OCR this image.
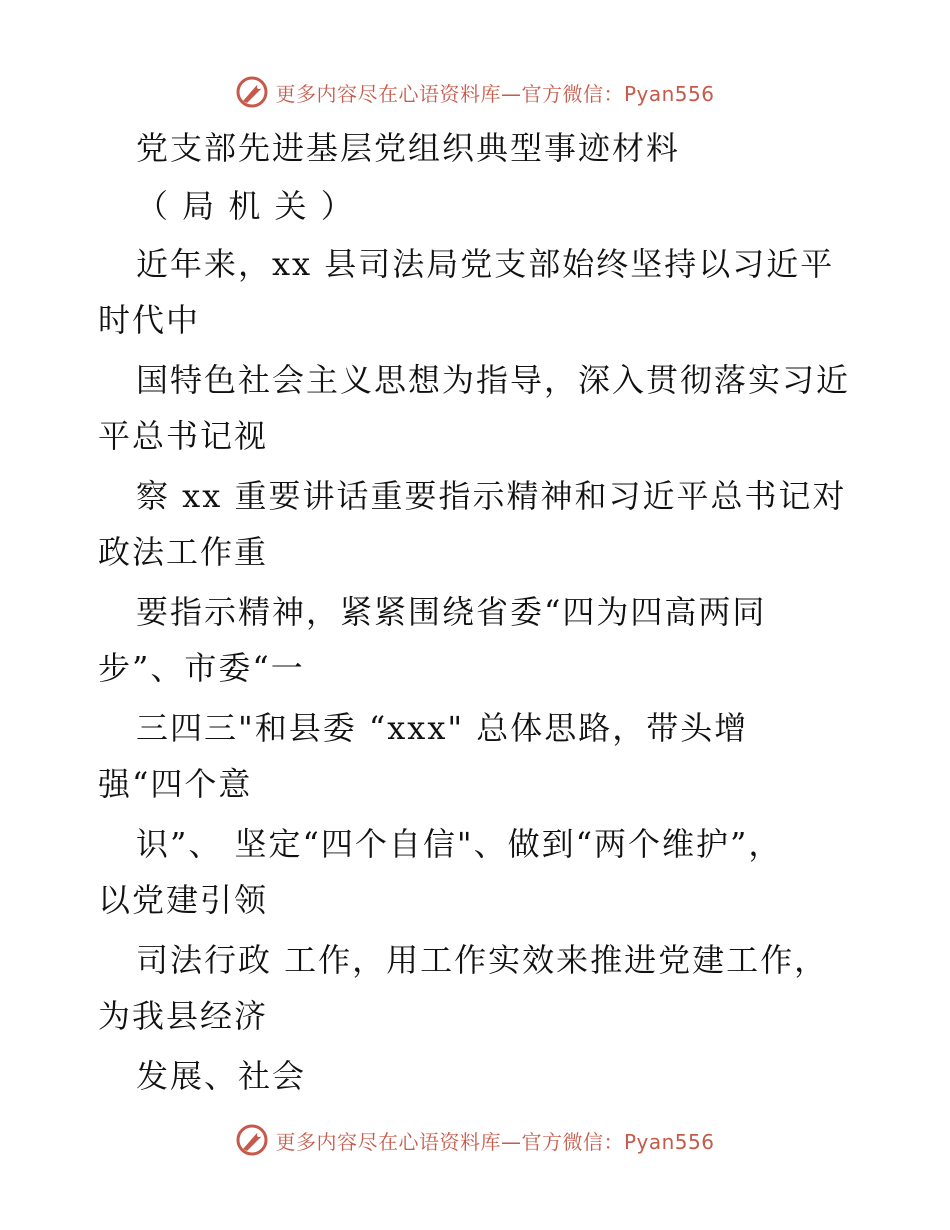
更多内容尽在心语资料库—官方微信：Pyan556
党支部先进基层党组织典型事迹材料
（ 局 机 关 ）
近年来，xx 县司法局党支部始终坚持以习近平
时代中
国特色社会主义思想为指导，深入贯彻落实习近
平总书记视
察 xx 重要讲话重要指示精神和习近平总书记对
政法工作重
要指示精神，紧紧围绕省委“四为四高两同
步”、市委“一
三四三"和县委 “xxx" 总体思路，带头增
强“四个意
识”、 坚定“四个自信"、做到“两个维护”，
以党建引领
司法行政 工作，用工作实效来推进党建工作，
为我县经济
发展、社会
更多内容尽在心语资料库—官方微信：Pyan556
